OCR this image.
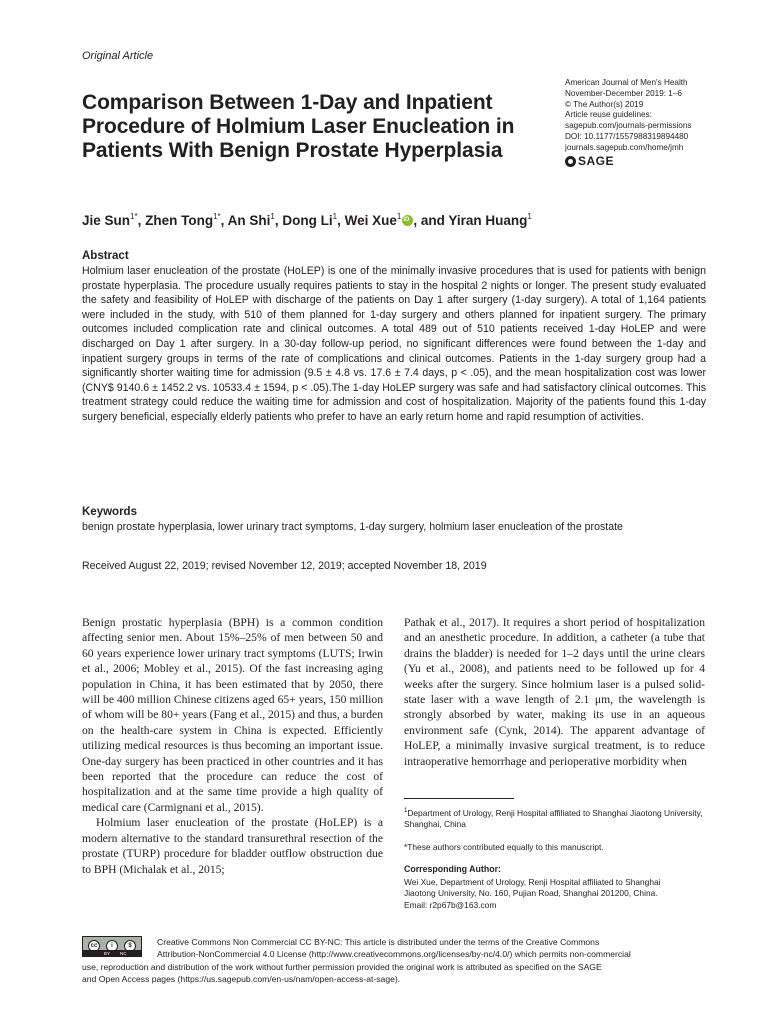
Original Article
Comparison Between 1-Day and Inpatient Procedure of Holmium Laser Enucleation in Patients With Benign Prostate Hyperplasia
American Journal of Men's Health
November-December 2019: 1–6
© The Author(s) 2019
Article reuse guidelines:
sagepub.com/journals-permissions
DOI: 10.1177/1557988319894480
journals.sagepub.com/home/jmh
SAGE
Jie Sun$^{1*}$, Zhen Tong$^{1*}$, An Shi$^1$, Dong Li$^1$, Wei Xue$^1$iD , and Yiran Huang$^1$
Abstract
Holmium laser enucleation of the prostate (HoLEP) is one of the minimally invasive procedures that is used for patients with benign prostate hyperplasia. The procedure usually requires patients to stay in the hospital 2 nights or longer. The present study evaluated the safety and feasibility of HoLEP with discharge of the patients on Day 1 after surgery (1-day surgery). A total of 1,164 patients were included in the study, with 510 of them planned for 1-day surgery and others planned for inpatient surgery. The primary outcomes included complication rate and clinical outcomes. A total 489 out of 510 patients received 1-day HoLEP and were discharged on Day 1 after surgery. In a 30-day follow-up period, no significant differences were found between the 1-day and inpatient surgery groups in terms of the rate of complications and clinical outcomes. Patients in the 1-day surgery group had a significantly shorter waiting time for admission (9.5 ± 4.8 vs. 17.6 ± 7.4 days, p < .05), and the mean hospitalization cost was lower (CNY$ 9140.6 ± 1452.2 vs. 10533.4 ± 1594, p < .05).The 1-day HoLEP surgery was safe and had satisfactory clinical outcomes. This treatment strategy could reduce the waiting time for admission and cost of hospitalization. Majority of the patients found this 1-day surgery beneficial, especially elderly patients who prefer to have an early return home and rapid resumption of activities.
Keywords
benign prostate hyperplasia, lower urinary tract symptoms, 1-day surgery, holmium laser enucleation of the prostate
Received August 22, 2019; revised November 12, 2019; accepted November 18, 2019

Benign prostatic hyperplasia (BPH) is a common condition affecting senior men. About 15%–25% of men between 50 and 60 years experience lower urinary tract symptoms (LUTS; Irwin et al., 2006; Mobley et al., 2015). Of the fast increasing aging population in China, it has been estimated that by 2050, there will be 400 million Chinese citizens aged 65+ years, 150 million of whom will be 80+ years (Fang et al., 2015) and thus, a burden on the health-care system in China is expected. Efficiently utilizing medical resources is thus becoming an important issue. One-day surgery has been practiced in other countries and it has been reported that the procedure can reduce the cost of hospitalization and at the same time provide a high quality of medical care (Carmignani et al., 2015).

Holmium laser enucleation of the prostate (HoLEP) is a modern alternative to the standard transurethral resection of the prostate (TURP) procedure for bladder outflow obstruction due to BPH (Michalak et al., 2015;

Pathak et al., 2017). It requires a short period of hospitalization and an anesthetic procedure. In addition, a catheter (a tube that drains the bladder) is needed for 1–2 days until the urine clears (Yu et al., 2008), and patients need to be followed up for 4 weeks after the surgery. Since holmium laser is a pulsed solid-state laser with a wave length of 2.1 μm, the wavelength is strongly absorbed by water, making its use in an aqueous environment safe (Cynk, 2014). The apparent advantage of HoLEP, a minimally invasive surgical treatment, is to reduce intraoperative hemorrhage and perioperative morbidity when

$^1$Department of Urology, Renji Hospital affiliated to Shanghai Jiaotong University, Shanghai, China
*These authors contributed equally to this manuscript.
Corresponding Author:
Wei Xue, Department of Urology, Renji Hospital affiliated to Shanghai
Jiaotong University, No. 160, Pujian Road, Shanghai 201200, China.
Email: r2p67b@163.com
cc	i	$
BY NC
Creative Commons Non Commercial CC BY-NC: This article is distributed under the terms of the Creative Commons
Attribution-NonCommercial 4.0 License (http://www.creativecommons.org/licenses/by-nc/4.0/) which permits non-commercial
use, reproduction and distribution of the work without further permission provided the original work is attributed as specified on the SAGE
and Open Access pages (https://us.sagepub.com/en-us/nam/open-access-at-sage).
